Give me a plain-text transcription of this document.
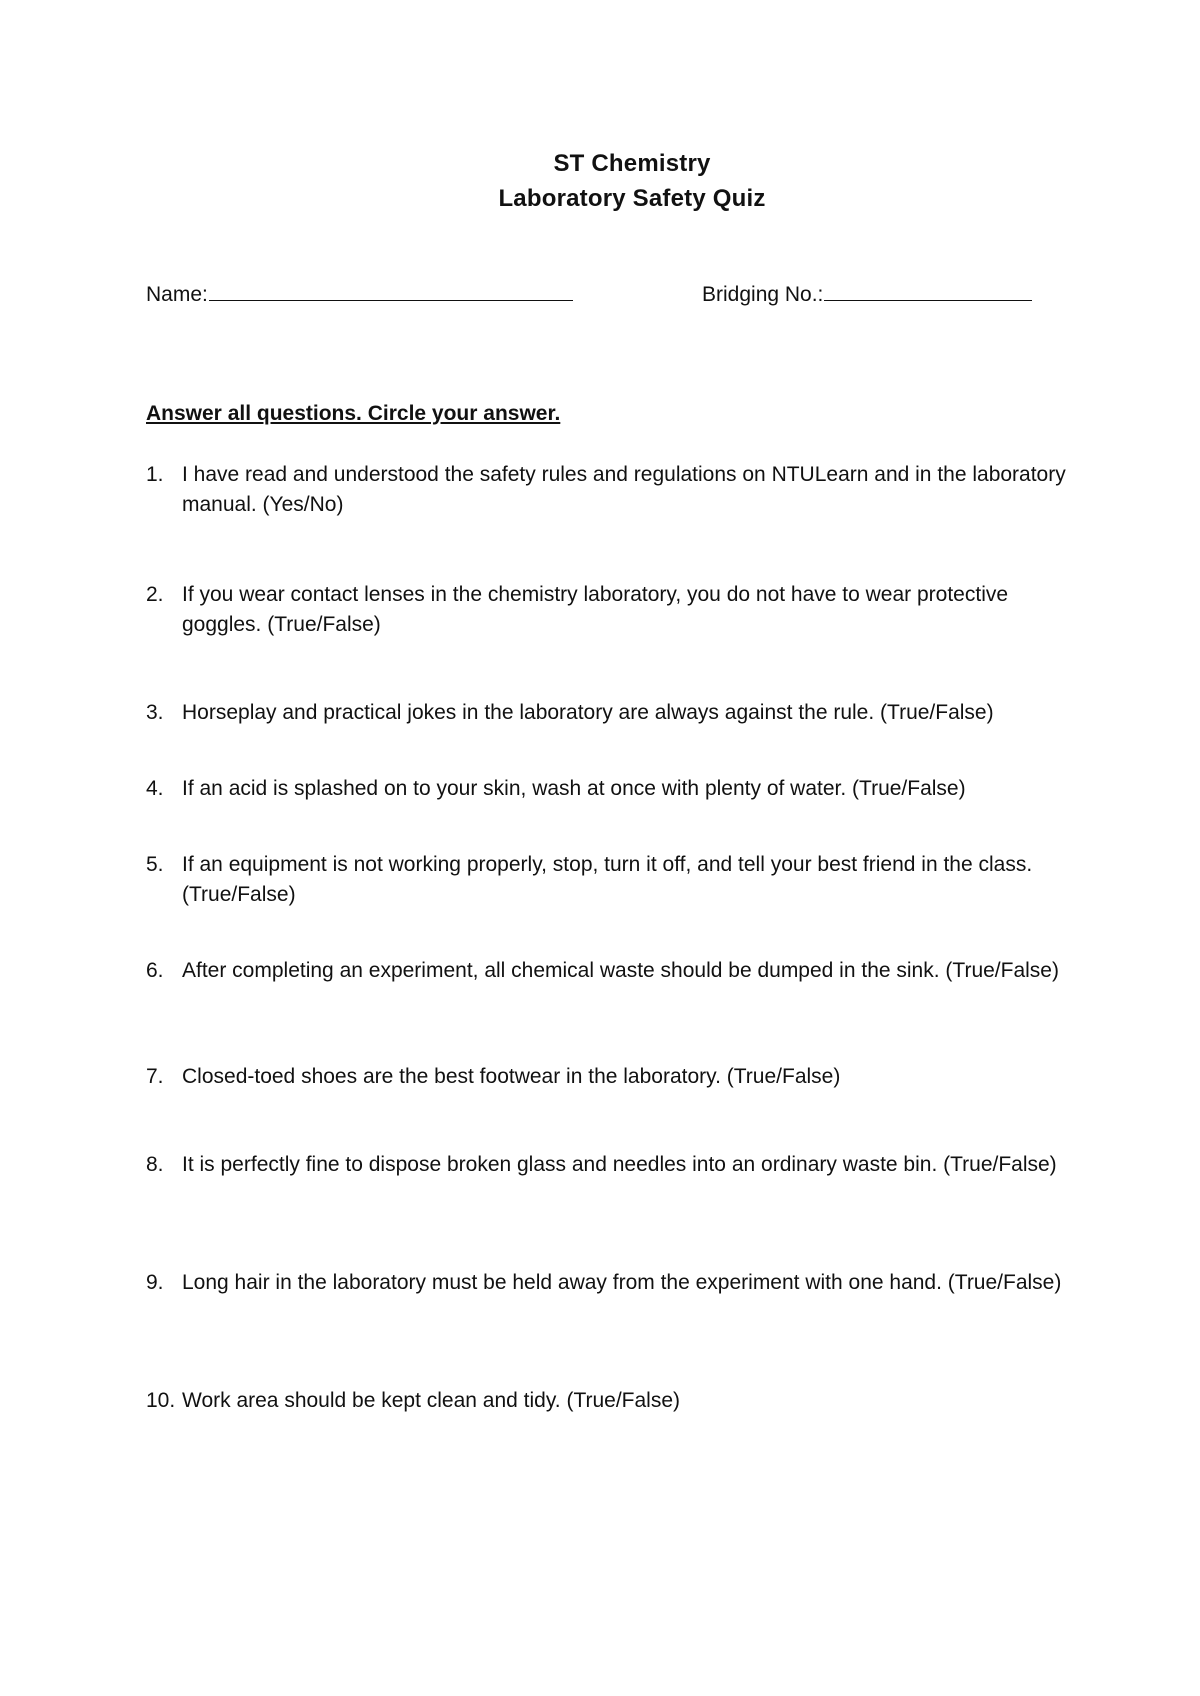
ST Chemistry
Laboratory Safety Quiz
Name:	Bridging No.:
Answer all questions. Circle your answer.
1. I have read and understood the safety rules and regulations on NTULearn and in the laboratory manual. (Yes/No)
2. If you wear contact lenses in the chemistry laboratory, you do not have to wear protective goggles. (True/False)
3. Horseplay and practical jokes in the laboratory are always against the rule. (True/False)
4. If an acid is splashed on to your skin, wash at once with plenty of water. (True/False)
5. If an equipment is not working properly, stop, turn it off, and tell your best friend in the class. (True/False)
6. After completing an experiment, all chemical waste should be dumped in the sink. (True/False)
7. Closed-toed shoes are the best footwear in the laboratory. (True/False)
8. It is perfectly fine to dispose broken glass and needles into an ordinary waste bin. (True/False)
9. Long hair in the laboratory must be held away from the experiment with one hand. (True/False)
10. Work area should be kept clean and tidy. (True/False)
